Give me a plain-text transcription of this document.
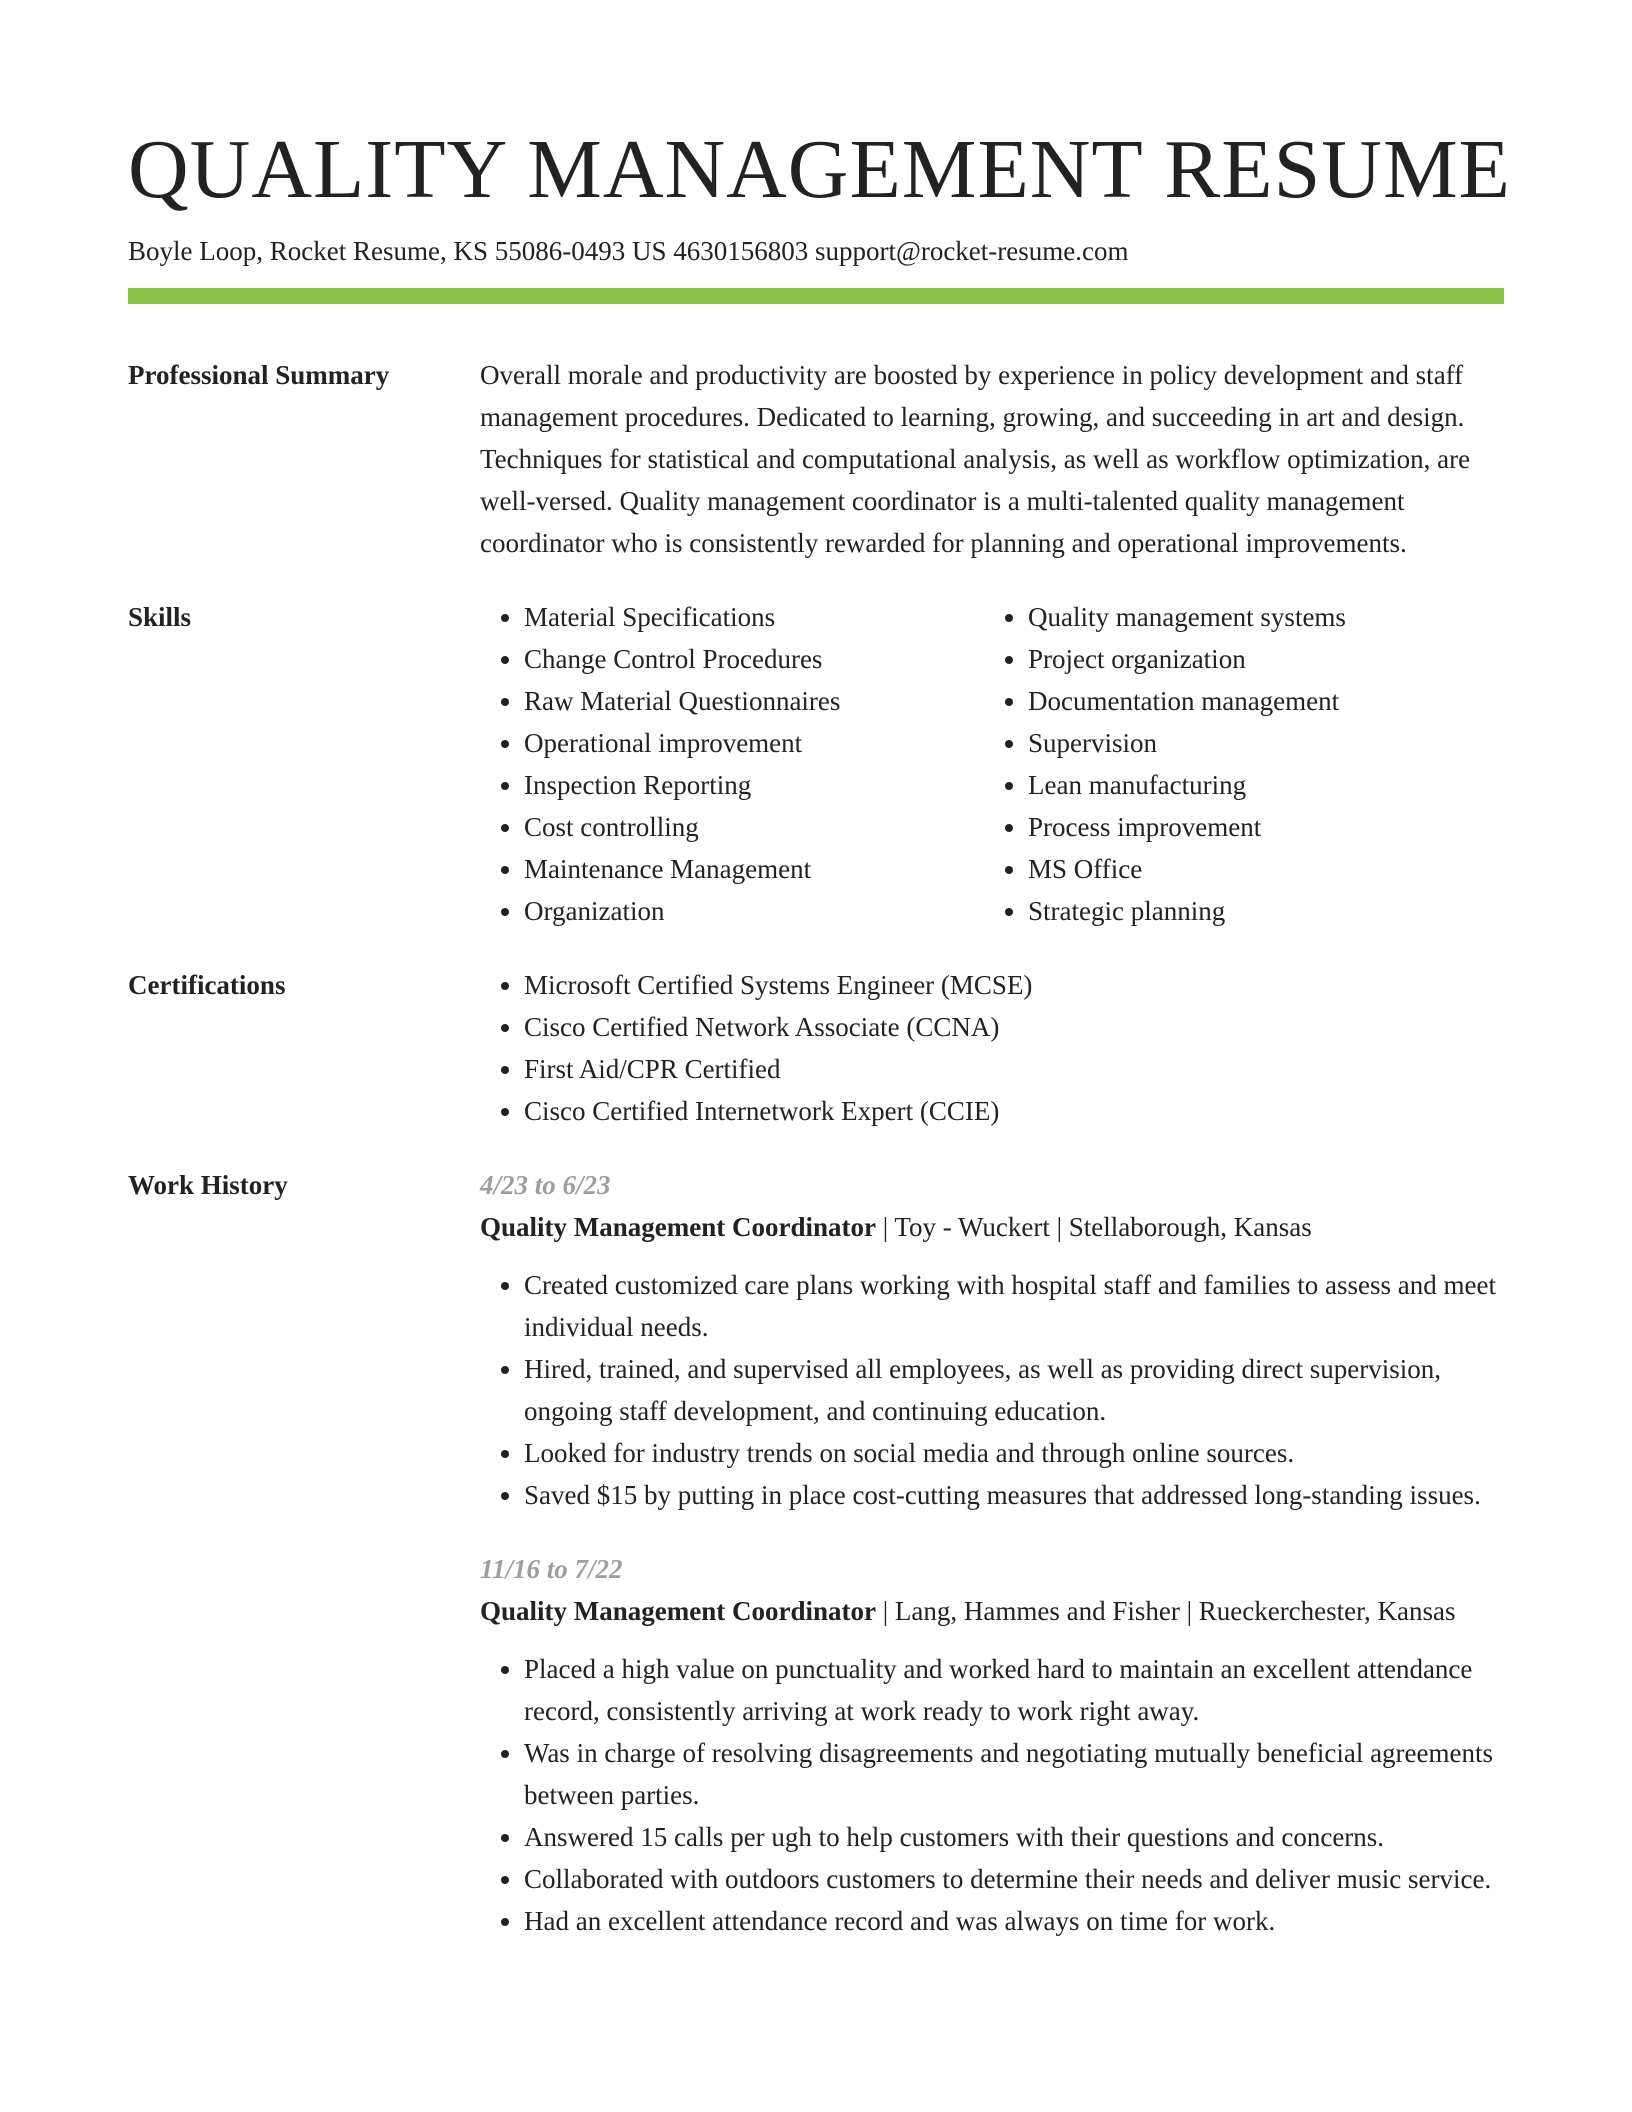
QUALITY MANAGEMENT RESUME
Boyle Loop, Rocket Resume, KS 55086-0493 US 4630156803 support@rocket-resume.com
Professional Summary	Overall morale and productivity are boosted by experience in policy development and staff management procedures. Dedicated to learning, growing, and succeeding in art and design. Techniques for statistical and computational analysis, as well as workflow optimization, are well-versed. Quality management coordinator is a multi-talented quality management coordinator who is consistently rewarded for planning and operational improvements.
Skills	• Material Specifications
• Change Control Procedures
• Raw Material Questionnaires
• Operational improvement
• Inspection Reporting
• Cost controlling
• Maintenance Management
• Organization
• Quality management systems
• Project organization
• Documentation management
• Supervision
• Lean manufacturing
• Process improvement
• MS Office
• Strategic planning
Certifications	• Microsoft Certified Systems Engineer (MCSE)
• Cisco Certified Network Associate (CCNA)
• First Aid/CPR Certified
• Cisco Certified Internetwork Expert (CCIE)
Work History	4/23 to 6/23
Quality Management Coordinator | Toy - Wuckert | Stellaborough, Kansas
• Created customized care plans working with hospital staff and families to assess and meet individual needs.
• Hired, trained, and supervised all employees, as well as providing direct supervision, ongoing staff development, and continuing education.
• Looked for industry trends on social media and through online sources.
• Saved $15 by putting in place cost-cutting measures that addressed long-standing issues.
11/16 to 7/22
Quality Management Coordinator | Lang, Hammes and Fisher | Rueckerchester, Kansas
• Placed a high value on punctuality and worked hard to maintain an excellent attendance record, consistently arriving at work ready to work right away.
• Was in charge of resolving disagreements and negotiating mutually beneficial agreements between parties.
• Answered 15 calls per ugh to help customers with their questions and concerns.
• Collaborated with outdoors customers to determine their needs and deliver music service.
• Had an excellent attendance record and was always on time for work.
